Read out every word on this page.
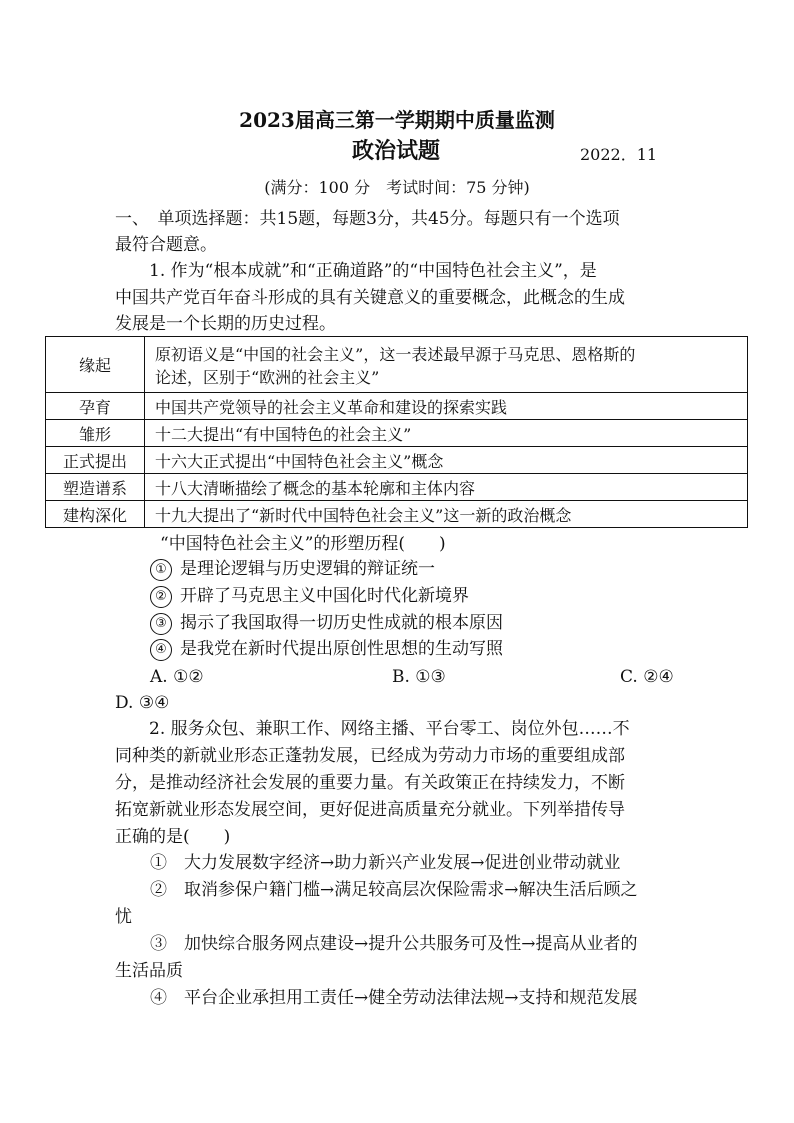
2023届高三第一学期期中质量监测
政治试题	2022．11
(满分：100 分　考试时间：75 分钟)
一、　单项选择题：共15题，每题3分，共45分。每题只有一个选项
最符合题意。
1. 作为“根本成就”和“正确道路”的“中国特色社会主义”，是
中国共产党百年奋斗形成的具有关键意义的重要概念，此概念的生成
发展是一个长期的历史过程。
缘起	原初语义是“中国的社会主义”，这一表述最早源于马克思、恩格斯的
论述，区别于“欧洲的社会主义”

孕育	中国共产党领导的社会主义革命和建设的探索实践
雏形	十二大提出“有中国特色的社会主义”
正式提出	十六大正式提出“中国特色社会主义”概念
塑造谱系	十八大清晰描绘了概念的基本轮廓和主体内容
建构深化	十九大提出了“新时代中国特色社会主义”这一新的政治概念
“中国特色社会主义”的形塑历程(　　)
① 是理论逻辑与历史逻辑的辩证统一
② 开辟了马克思主义中国化时代化新境界
③ 揭示了我国取得一切历史性成就的根本原因
④ 是我党在新时代提出原创性思想的生动写照
A. ①②	B. ①③	C. ②④
D. ③④
2. 服务众包、兼职工作、网络主播、平台零工、岗位外包……不
同种类的新就业形态正蓬勃发展，已经成为劳动力市场的重要组成部
分，是推动经济社会发展的重要力量。有关政策正在持续发力，不断
拓宽新就业形态发展空间，更好促进高质量充分就业。下列举措传导
正确的是(　　)
①　大力发展数字经济→助力新兴产业发展→促进创业带动就业
②　取消参保户籍门槛→满足较高层次保险需求→解决生活后顾之
忧
③　加快综合服务网点建设→提升公共服务可及性→提高从业者的
生活品质
④　平台企业承担用工责任→健全劳动法律法规→支持和规范发展
